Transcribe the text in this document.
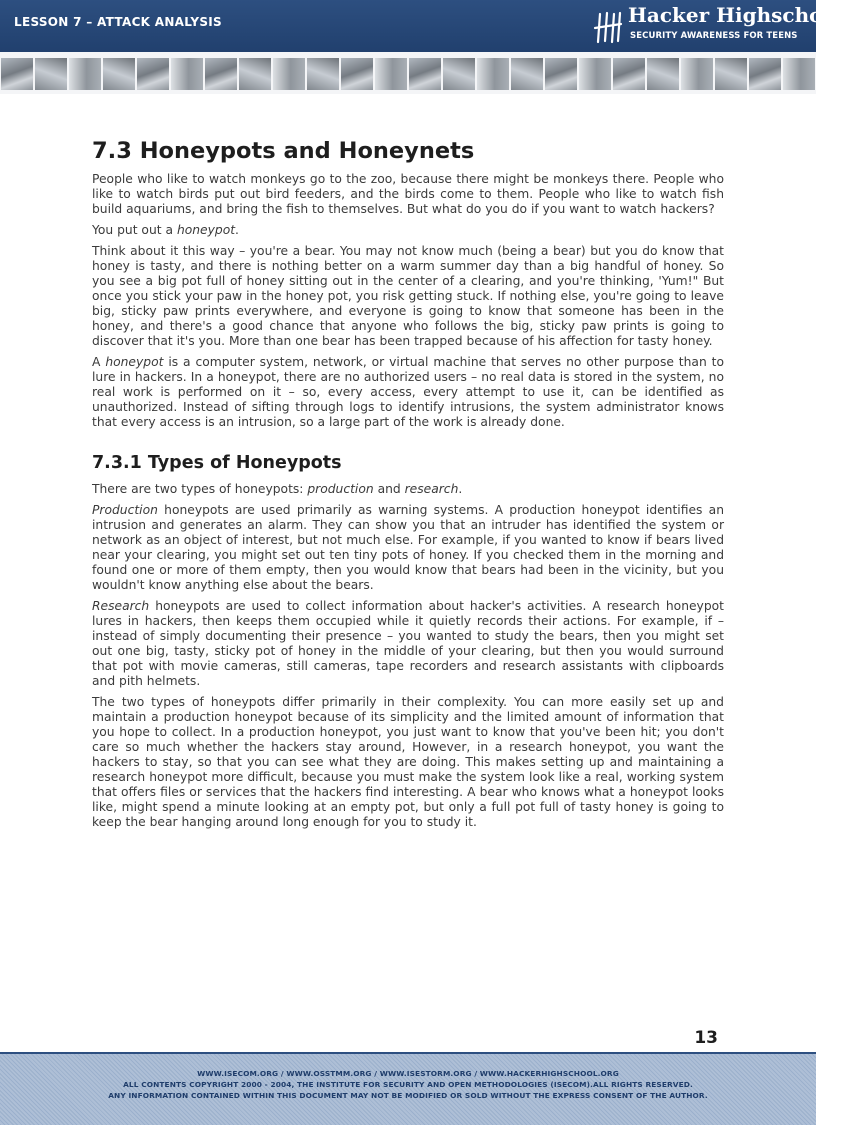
LESSON 7 – ATTACK ANALYSIS	Hacker Highschool
SECURITY AWARENESS FOR TEENS
7.3 Honeypots and Honeynets

People who like to watch monkeys go to the zoo, because there might be monkeys there. People who like to watch birds put out bird feeders, and the birds come to them. People who like to watch fish build aquariums, and bring the fish to themselves. But what do you do if you want to watch hackers?

You put out a honeypot.

Think about it this way – you're a bear. You may not know much (being a bear) but you do know that honey is tasty, and there is nothing better on a warm summer day than a big handful of honey. So you see a big pot full of honey sitting out in the center of a clearing, and you're thinking, 'Yum!" But once you stick your paw in the honey pot, you risk getting stuck. If nothing else, you're going to leave big, sticky paw prints everywhere, and everyone is going to know that someone has been in the honey, and there's a good chance that anyone who follows the big, sticky paw prints is going to discover that it's you. More than one bear has been trapped because of his affection for tasty honey.

A honeypot is a computer system, network, or virtual machine that serves no other purpose than to lure in hackers. In a honeypot, there are no authorized users – no real data is stored in the system, no real work is performed on it – so, every access, every attempt to use it, can be identified as unauthorized. Instead of sifting through logs to identify intrusions, the system administrator knows that every access is an intrusion, so a large part of the work is already done.

7.3.1 Types of Honeypots

There are two types of honeypots: production and research.

Production honeypots are used primarily as warning systems. A production honeypot identifies an intrusion and generates an alarm. They can show you that an intruder has identified the system or network as an object of interest, but not much else. For example, if you wanted to know if bears lived near your clearing, you might set out ten tiny pots of honey. If you checked them in the morning and found one or more of them empty, then you would know that bears had been in the vicinity, but you wouldn't know anything else about the bears.

Research honeypots are used to collect information about hacker's activities. A research honeypot lures in hackers, then keeps them occupied while it quietly records their actions. For example, if – instead of simply documenting their presence – you wanted to study the bears, then you might set out one big, tasty, sticky pot of honey in the middle of your clearing, but then you would surround that pot with movie cameras, still cameras, tape recorders and research assistants with clipboards and pith helmets.

The two types of honeypots differ primarily in their complexity. You can more easily set up and maintain a production honeypot because of its simplicity and the limited amount of information that you hope to collect. In a production honeypot, you just want to know that you've been hit; you don't care so much whether the hackers stay around, However, in a research honeypot, you want the hackers to stay, so that you can see what they are doing. This makes setting up and maintaining a research honeypot more difficult, because you must make the system look like a real, working system that offers files or services that the hackers find interesting. A bear who knows what a honeypot looks like, might spend a minute looking at an empty pot, but only a full pot full of tasty honey is going to keep the bear hanging around long enough for you to study it.

13
WWW.ISECOM.ORG / WWW.OSSTMM.ORG / WWW.ISESTORM.ORG / WWW.HACKERHIGHSCHOOL.ORG
ALL CONTENTS COPYRIGHT 2000 - 2004, THE INSTITUTE FOR SECURITY AND OPEN METHODOLOGIES (ISECOM).ALL RIGHTS RESERVED.
ANY INFORMATION CONTAINED WITHIN THIS DOCUMENT MAY NOT BE MODIFIED OR SOLD WITHOUT THE EXPRESS CONSENT OF THE AUTHOR.
